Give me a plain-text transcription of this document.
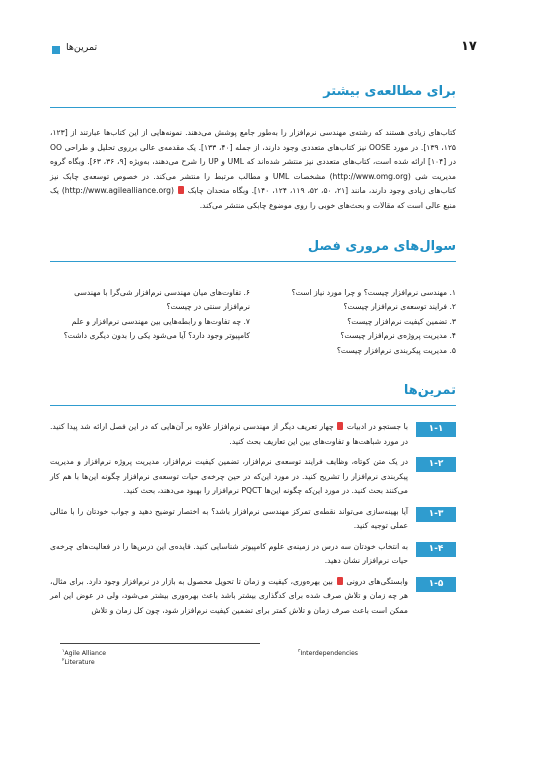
تمرین‌ها	۱۷
برای مطالعه‌ی بیشتر
کتاب‌های زیادی هستند که رشته‌ی مهندسی نرم‌افزار را به‌طور جامع پوشش می‌دهند. نمونه‌هایی از این کتاب‌ها عبارتند از [۱۲۳، ۱۲۵، ۱۳۹]. در مورد OOSE نیز کتاب‌های متعددی وجود دارند، از جمله [۴۰، ۱۳۳]. یک مقدمه‌ی عالی برروی تحلیل و طراحی OO در [۱۰۴] ارائه شده است، کتاب‌های متعددی نیز منتشر شده‌اند که UML و UP را شرح می‌دهند، به‌ویژه [۹، ۳۶، ۶۳]. وبگاه گروه مدیریت شی (http://www.omg.org) مشخصات UML و مطالب مرتبط را منتشر می‌کند. در خصوص توسعه‌ی چابک نیز کتاب‌های زیادی وجود دارند، مانند [۲۱، ۵۰، ۵۲، ۱۱۹، ۱۲۴، ۱۴۰]. وبگاه متحدان چابک  (http://www.agilealliance.org) یک منبع عالی است که مقالات و بحث‌های خوبی را روی موضوع چابکی منتشر می‌کند.
سوال‌های مروری فصل

۱. مهندسی نرم‌افزار چیست؟ و چرا مورد نیاز است؟

۲. فرایند توسعه‌ی نرم‌افزار چیست؟

۳. تضمین کیفیت نرم‌افزار چیست؟

۴. مدیریت پروژه‌ی نرم‌افزار چیست؟

۵. مدیریت پیکربندی نرم‌افزار چیست؟

۶. تفاوت‌های میان مهندسی نرم‌افزار شی‌گرا با مهندسی نرم‌افزار سنتی در چیست؟

۷. چه تفاوت‌ها و رابطه‌هایی بین مهندسی نرم‌افزار و علم کامپیوتر وجود دارد؟ آیا می‌شود یکی را بدون دیگری داشت؟

تمرین‌ها
۱-۱
با جستجو در ادبیات  چهار تعریف دیگر از مهندسی نرم‌افزار علاوه بر آن‌هایی که در این فصل ارائه شد پیدا کنید. در مورد شباهت‌ها و تفاوت‌های بین این تعاریف بحث کنید.
۱-۲
در یک متن کوتاه، وظایف فرایند توسعه‌ی نرم‌افزار، تضمین کیفیت نرم‌افزار، مدیریت پروژه نرم‌افزار و مدیریت پیکربندی نرم‌افزار را تشریح کنید. در مورد این‌که در حین چرخه‌ی حیات توسعه‌ی نرم‌افزار چگونه این‌ها با هم کار می‌کنند بحث کنید. در مورد این‌که چگونه این‌ها PQCT نرم‌افزار را بهبود می‌دهند، بحث کنید.
۱-۳
آیا بهینه‌سازی می‌تواند نقطه‌ی تمرکز مهندسی نرم‌افزار باشد؟ به اختصار توضیح دهید و جواب خودتان را با مثالی عملی توجیه کنید.
۱-۴
به انتخاب خودتان سه درس در زمینه‌ی علوم کامپیوتر شناسایی کنید. فایده‌ی این درس‌ها را در فعالیت‌های چرخه‌ی حیات نرم‌افزار نشان دهید.
۱-۵
وابستگی‌های درونی  بین بهره‌وری، کیفیت و زمان تا تحویل محصول به بازار در نرم‌افزار وجود دارد. برای مثال، هر چه زمان و تلاش صرف شده برای کدگذاری بیشتر باشد باعث بهره‌وری بیشتر می‌شود، ولی در عوض این امر ممکن است باعث صرف زمان و تلاش کمتر برای تضمین کیفیت نرم‌افزار شود، چون کل زمان و تلاش
$^۱$Agile Alliance
$^۲$Literature
$^۳$Interdependencies
